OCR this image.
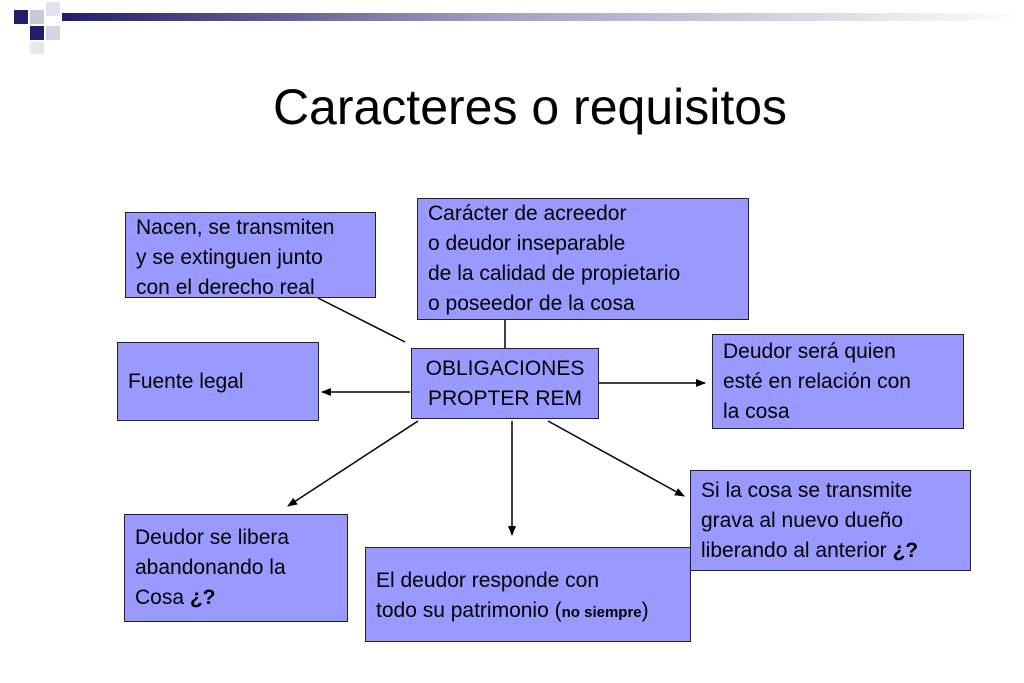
Caracteres o requisitos
Nacen, se transmiten
y se extinguen junto
con el derecho real
Carácter de acreedor
o deudor inseparable
de la calidad de propietario
o poseedor de la cosa
Fuente legal
OBLIGACIONES
PROPTER REM
Deudor será quien
esté en relación con
la cosa
Deudor se libera
abandonando la
Cosa ¿?
El deudor responde con
todo su patrimonio (no siempre)
Si la cosa se transmite
grava al nuevo dueño
liberando al anterior ¿?
